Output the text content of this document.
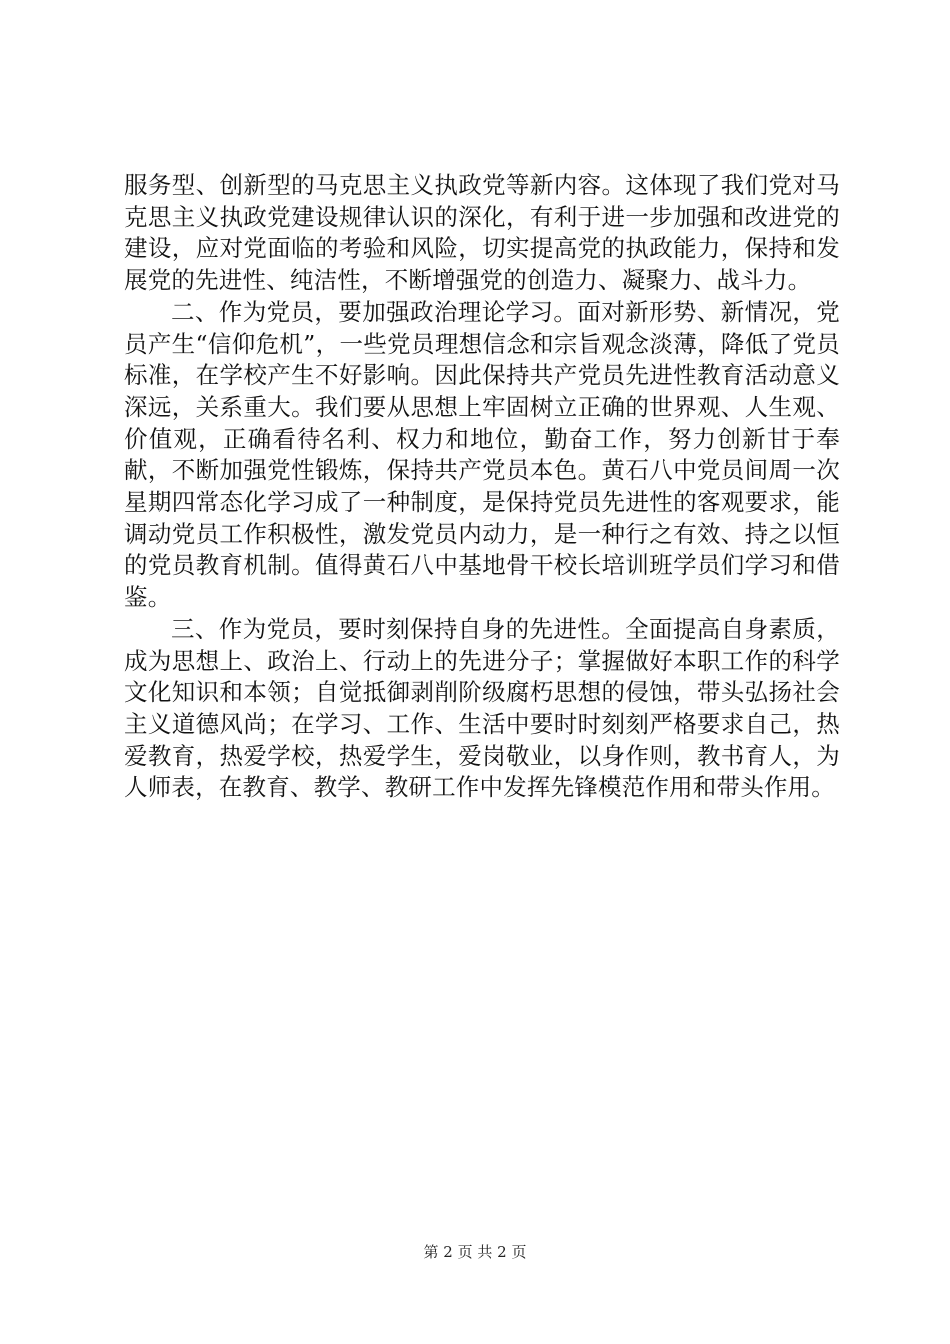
服务型、创新型的马克思主义执政党等新内容。这体现了我们党对马克思主义执政党建设规律认识的深化，有利于进一步加强和改进党的建设，应对党面临的考验和风险，切实提高党的执政能力，保持和发展党的先进性、纯洁性，不断增强党的创造力、凝聚力、战斗力。

二、作为党员，要加强政治理论学习。面对新形势、新情况，党员产生“信仰危机”，一些党员理想信念和宗旨观念淡薄，降低了党员标准，在学校产生不好影响。因此保持共产党员先进性教育活动意义深远，关系重大。我们要从思想上牢固树立正确的世界观、人生观、价值观，正确看待名利、权力和地位，勤奋工作，努力创新甘于奉献，不断加强党性锻炼，保持共产党员本色。黄石八中党员间周一次星期四常态化学习成了一种制度，是保持党员先进性的客观要求，能调动党员工作积极性，激发党员内动力，是一种行之有效、持之以恒的党员教育机制。值得黄石八中基地骨干校长培训班学员们学习和借鉴。

三、作为党员，要时刻保持自身的先进性。全面提高自身素质，成为思想上、政治上、行动上的先进分子；掌握做好本职工作的科学文化知识和本领；自觉抵御剥削阶级腐朽思想的侵蚀，带头弘扬社会主义道德风尚；在学习、工作、生活中要时时刻刻严格要求自己，热爱教育，热爱学校，热爱学生，爱岗敬业，以身作则，教书育人，为人师表，在教育、教学、教研工作中发挥先锋模范作用和带头作用。

第 2 页 共 2 页
